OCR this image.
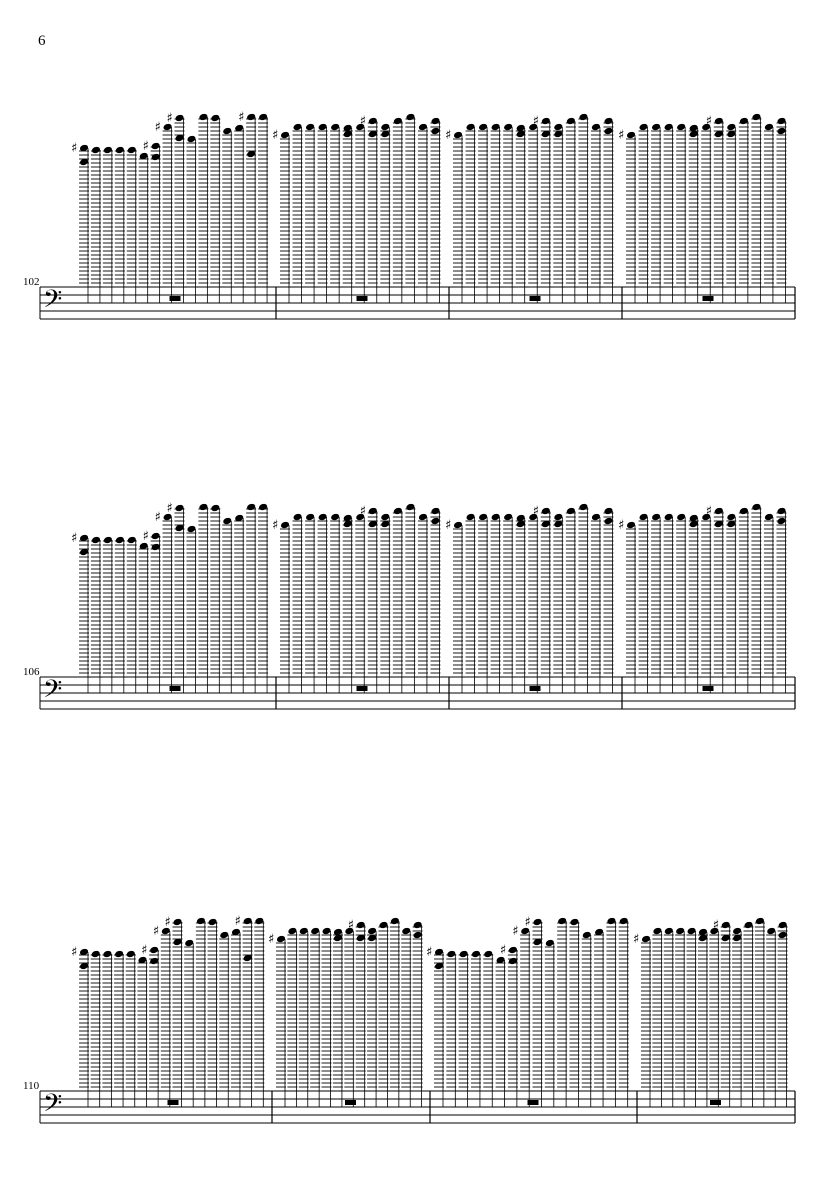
6
102
106
110
𝄢
♯	♯
♯
♯	♯
♯
♯
♯
♯
♯
♯
𝄢
♯	♯
♯
♯
♯
♯
♯
♯
♯
♯
𝄢
♯	♯
♯
♯	♯
♯
♯
♯	♯
♯
♯
♯
♯
